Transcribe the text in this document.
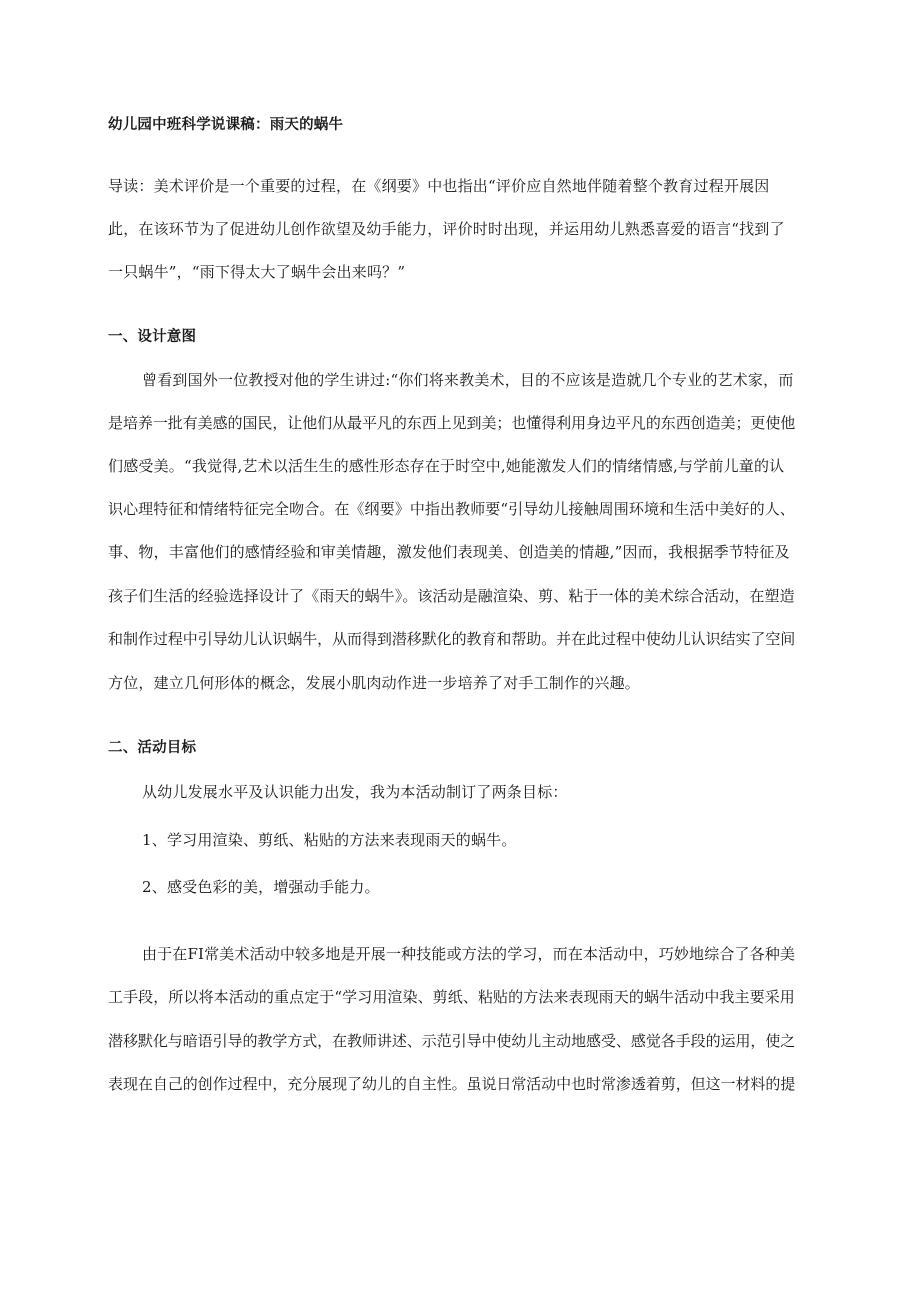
幼儿园中班科学说课稿：雨天的蜗牛
导读：美术评价是一个重要的过程，在《纲要》中也指出“评价应自然地伴随着整个教育过程开展因
此，在该环节为了促进幼儿创作欲望及幼手能力，评价时时出现，并运用幼儿熟悉喜爱的语言“找到了
一只蜗牛”，“雨下得太大了蜗牛会出来吗？”
一、设计意图
曾看到国外一位教授对他的学生讲过:“你们将来教美术，目的不应该是造就几个专业的艺术家，而
是培养一批有美感的国民，让他们从最平凡的东西上见到美；也懂得利用身边平凡的东西创造美；更使他
们感受美。“我觉得,艺术以活生生的感性形态存在于时空中,她能激发人们的情绪情感,与学前儿童的认
识心理特征和情绪特征完全吻合。在《纲要》中指出教师要“引导幼儿接触周围环境和生活中美好的人、
事、物，丰富他们的感情经验和审美情趣，激发他们表现美、创造美的情趣,”因而，我根据季节特征及
孩子们生活的经验选择设计了《雨天的蜗牛》。该活动是融渲染、剪、粘于一体的美术综合活动，在塑造
和制作过程中引导幼儿认识蜗牛，从而得到潜移默化的教育和帮助。并在此过程中使幼儿认识结实了空间
方位，建立几何形体的概念，发展小肌肉动作进一步培养了对手工制作的兴趣。
二、活动目标
从幼儿发展水平及认识能力出发，我为本活动制订了两条目标：
1、学习用渲染、剪纸、粘贴的方法来表现雨天的蜗牛。
2、感受色彩的美，增强动手能力。
由于在FI常美术活动中较多地是开展一种技能或方法的学习，而在本活动中，巧妙地综合了各种美
工手段，所以将本活动的重点定于“学习用渲染、剪纸、粘贴的方法来表现雨天的蜗牛活动中我主要采用
潜移默化与暗语引导的教学方式，在教师讲述、示范引导中使幼儿主动地感受、感觉各手段的运用，使之
表现在自己的创作过程中，充分展现了幼儿的自主性。虽说日常活动中也时常渗透着剪，但这一材料的提
